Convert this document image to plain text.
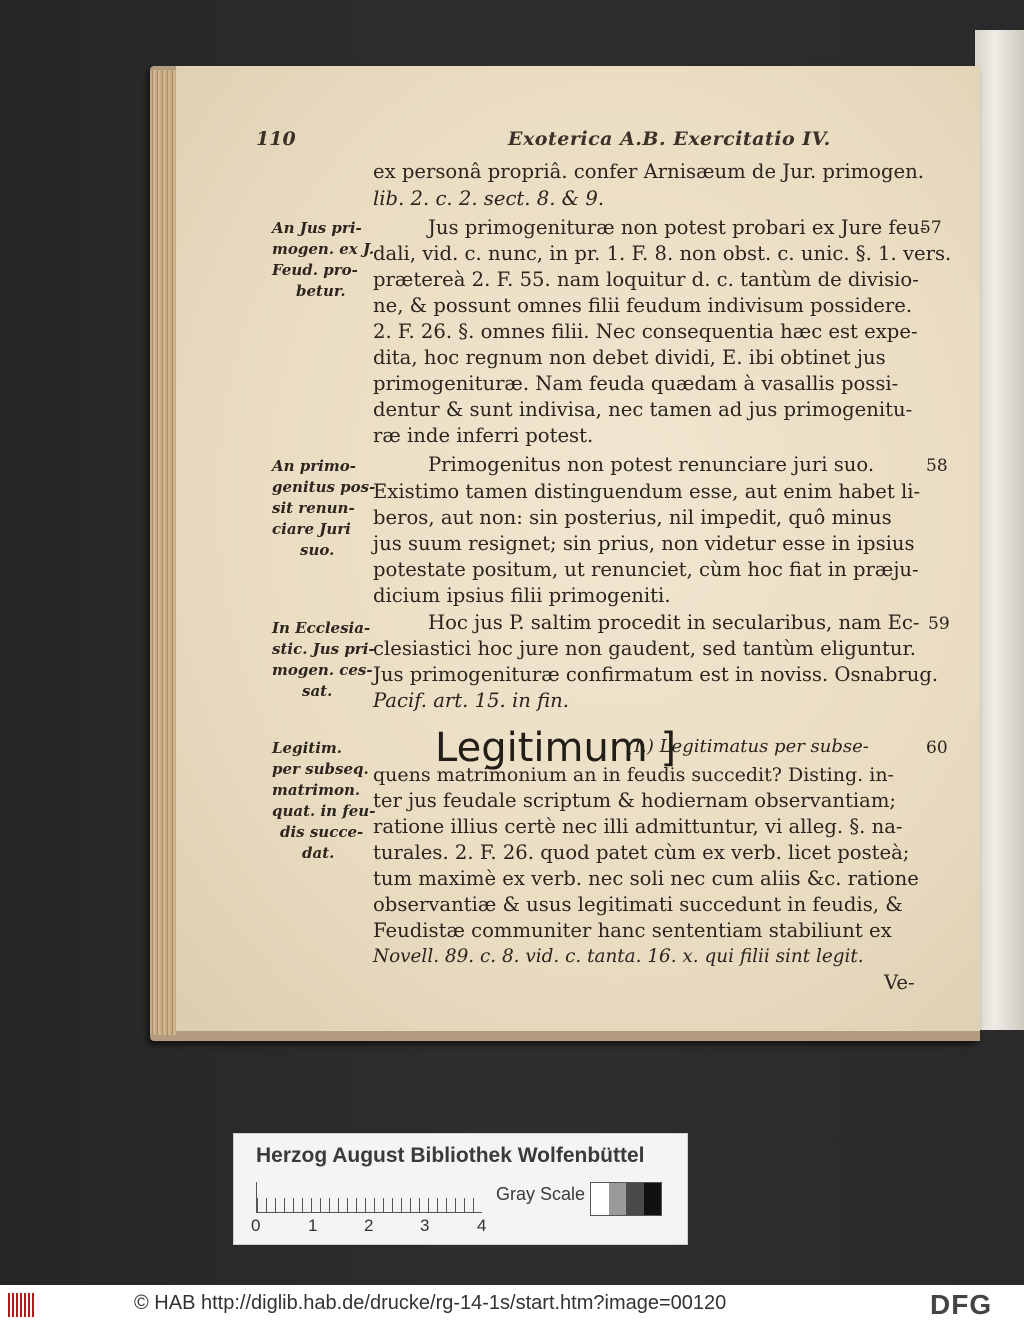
110	Exoterica A.B. Exercitatio IV.
ex personâ propriâ. confer Arnisæum de Jur. primogen.
lib. 2. c. 2. sect. 8. & 9.
Jus primogenituræ non potest probari ex Jure feu-
dali, vid. c. nunc, in pr. 1. F. 8. non obst. c. unic. §. 1. vers.
prætereà 2. F. 55. nam loquitur d. c. tantùm de divisio-
ne, & possunt omnes filii feudum indivisum possidere.
2. F. 26. §. omnes filii. Nec consequentia hæc est expe-
dita, hoc regnum non debet dividi, E. ibi obtinet jus
primogenituræ. Nam feuda quædam à vasallis possi-
dentur & sunt indivisa, nec tamen ad jus primogenitu-
ræ inde inferri potest.
Primogenitus non potest renunciare juri suo.
Existimo tamen distinguendum esse, aut enim habet li-
beros, aut non: sin posterius, nil impedit, quô minus
jus suum resignet; sin prius, non videtur esse in ipsius
potestate positum, ut renunciet, cùm hoc fiat in præju-
dicium ipsius filii primogeniti.
Hoc jus P. saltim procedit in secularibus, nam Ec-
clesiastici hoc jure non gaudent, sed tantùm eliguntur.
Jus primogenituræ confirmatum est in noviss. Osnabrug.
Pacif. art. 15. in fin.
Legitimum ]
(I.) Legitimatus per subse-
quens matrimonium an in feudis succedit? Disting. in-
ter jus feudale scriptum & hodiernam observantiam;
ratione illius certè nec illi admittuntur, vi alleg. §. na-
turales. 2. F. 26. quod patet cùm ex verb. licet posteà;
tum maximè ex verb. nec soli nec cum aliis &c. ratione
observantiæ & usus legitimati succedunt in feudis, &
Feudistæ communiter hanc sententiam stabiliunt ex
Novell. 89. c. 8. vid. c. tanta. 16. x. qui filii sint legit.
Ve-
57
58
59
60
An Jus pri-
mogen. ex J.
Feud. pro-
betur.
An primo-
genitus pos-
sit renun-
ciare Juri
suo.
In Ecclesia-
stic. Jus pri-
mogen. ces-
sat.
Legitim.
per subseq.
matrimon.
quat. in feu-
dis succe-
dat.
Herzog August Bibliothek Wolfenbüttel
0	1	2	3	4
Gray Scale
© HAB http://diglib.hab.de/drucke/rg-14-1s/start.htm?image=00120	DFG
